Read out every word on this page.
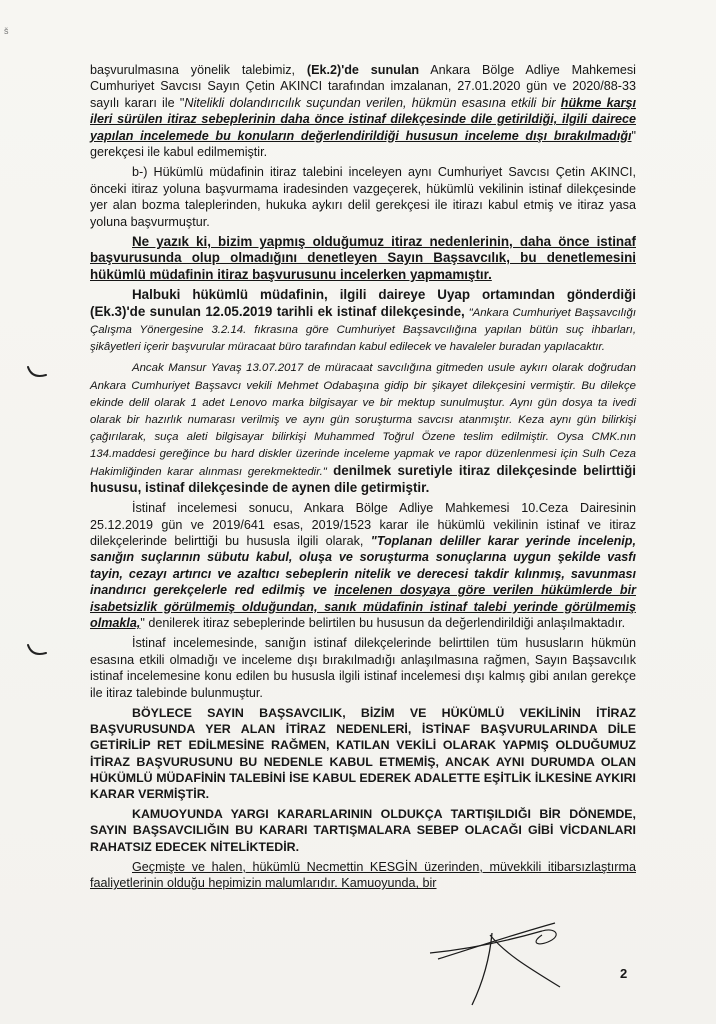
š

başvurulmasına yönelik talebimiz, (Ek.2)'de sunulan Ankara Bölge Adliye Mahkemesi Cumhuriyet Savcısı Sayın Çetin AKINCI tarafından imzalanan, 27.01.2020 gün ve 2020/88-33 sayılı kararı ile "Nitelikli dolandırıcılık suçundan verilen, hükmün esasına etkili bir hükme karşı ileri sürülen itiraz sebeplerinin daha önce istinaf dilekçesinde dile getirildiği, ilgili dairece yapılan incelemede bu konuların değerlendirildiği hususun inceleme dışı bırakılmadığı" gerekçesi ile kabul edilmemiştir.

b-) Hükümlü müdafinin itiraz talebini inceleyen aynı Cumhuriyet Savcısı Çetin AKINCI, önceki itiraz yoluna başvurmama iradesinden vazgeçerek, hükümlü vekilinin istinaf dilekçesinde yer alan bozma taleplerinden, hukuka aykırı delil gerekçesi ile itirazı kabul etmiş ve itiraz yasa yoluna başvurmuştur.

Ne yazık ki, bizim yapmış olduğumuz itiraz nedenlerinin, daha önce istinaf başvurusunda olup olmadığını denetleyen Sayın Başsavcılık, bu denetlemesini hükümlü müdafinin itiraz başvurusunu incelerken yapmamıştır.

Halbuki hükümlü müdafinin, ilgili daireye Uyap ortamından gönderdiği (Ek.3)'de sunulan 12.05.2019 tarihli ek istinaf dilekçesinde, "Ankara Cumhuriyet Başsavcılığı Çalışma Yönergesine 3.2.14. fıkrasına göre Cumhuriyet Başsavcılığına yapılan bütün suç ihbarları, şikâyetleri içerir başvurular müracaat büro tarafından kabul edilecek ve havaleler buradan yapılacaktır.

Ancak Mansur Yavaş 13.07.2017 de müracaat savcılığına gitmeden usule aykırı olarak doğrudan Ankara Cumhuriyet Başsavcı vekili Mehmet Odabaşına gidip bir şikayet dilekçesini vermiştir. Bu dilekçe ekinde delil olarak 1 adet Lenovo marka bilgisayar ve bir mektup sunulmuştur. Aynı gün dosya ta ivedi olarak bir hazırlık numarası verilmiş ve aynı gün soruşturma savcısı atanmıştır. Keza aynı gün bilirkişi çağırılarak, suça aleti bilgisayar bilirkişi Muhammed Toğrul Özene teslim edilmiştir. Oysa CMK.nın 134.maddesi gereğince bu hard diskler üzerinde inceleme yapmak ve rapor düzenlenmesi için Sulh Ceza Hakimliğinden karar alınması gerekmektedir." denilmek suretiyle itiraz dilekçesinde belirttiği hususu, istinaf dilekçesinde de aynen dile getirmiştir.

İstinaf incelemesi sonucu, Ankara Bölge Adliye Mahkemesi 10.Ceza Dairesinin 25.12.2019 gün ve 2019/641 esas, 2019/1523 karar ile hükümlü vekilinin istinaf ve itiraz dilekçelerinde belirttiği bu hususla ilgili olarak, "Toplanan deliller karar yerinde incelenip, sanığın suçlarının sübutu kabul, oluşa ve soruşturma sonuçlarına uygun şekilde vasfı tayin, cezayı artırıcı ve azaltıcı sebeplerin nitelik ve derecesi takdir kılınmış, savunması inandırıcı gerekçelerle red edilmiş ve incelenen dosyaya göre verilen hükümlerde bir isabetsizlik görülmemiş olduğundan, sanık müdafinin istinaf talebi yerinde görülmemiş olmakla," denilerek itiraz sebeplerinde belirtilen bu hususun da değerlendirildiği anlaşılmaktadır.

İstinaf incelemesinde, sanığın istinaf dilekçelerinde belirttilen tüm hususların hükmün esasına etkili olmadığı ve inceleme dışı bırakılmadığı anlaşılmasına rağmen, Sayın Başsavcılık istinaf incelemesine konu edilen bu hususla ilgili istinaf incelemesi dışı kalmış gibi anılan gerekçe ile itiraz talebinde bulunmuştur.

BÖYLECE SAYIN BAŞSAVCILIK, BİZİM VE HÜKÜMLÜ VEKİLİNİN İTİRAZ BAŞVURUSUNDA YER ALAN İTİRAZ NEDENLERİ, İSTİNAF BAŞVURULARINDA DİLE GETİRİLİP RET EDİLMESİNE RAĞMEN, KATILAN VEKİLİ OLARAK YAPMIŞ OLDUĞUMUZ İTİRAZ BAŞVURUSUNU BU NEDENLE KABUL ETMEMİŞ, ANCAK AYNI DURUMDA OLAN HÜKÜMLÜ MÜDAFİNİN TALEBİNİ İSE KABUL EDEREK ADALETTE EŞİTLİK İLKESİNE AYKIRI KARAR VERMİŞTİR.

KAMUOYUNDA YARGI KARARLARININ OLDUKÇA TARTIŞILDIĞI BİR DÖNEMDE, SAYIN BAŞSAVCILIĞIN BU KARARI TARTIŞMALARA SEBEP OLACAĞI GİBİ VİCDANLARI RAHATSIZ EDECEK NİTELİKTEDİR.

Geçmişte ve halen, hükümlü Necmettin KESGİN üzerinden, müvekkili itibarsızlaştırma faaliyetlerinin olduğu hepimizin malumlarıdır. Kamuoyunda, bir

2
